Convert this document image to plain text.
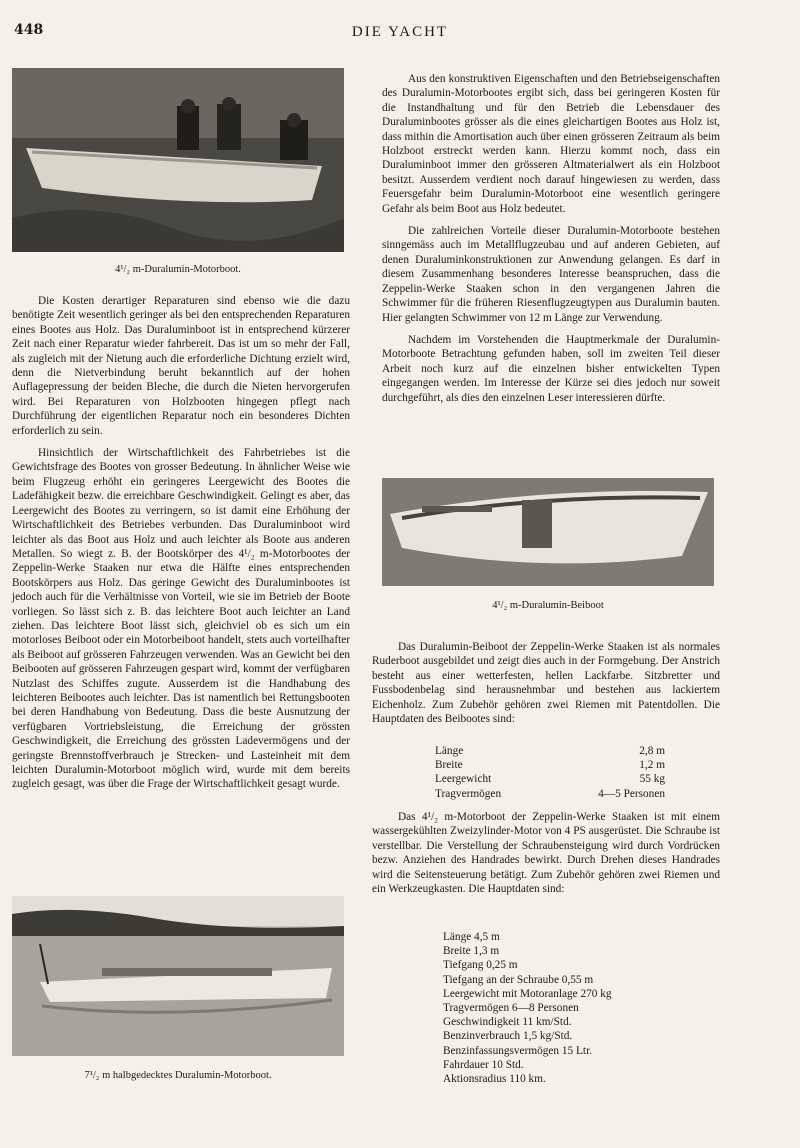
448	DIE YACHT
4¹/₂ m-Duralumin-Motorboot.

Die Kosten derartiger Reparaturen sind ebenso wie die dazu benötigte Zeit wesentlich geringer als bei den entsprechenden Reparaturen eines Bootes aus Holz. Das Duraluminboot ist in entsprechend kürzerer Zeit nach einer Reparatur wieder fahrbereit. Das ist um so mehr der Fall, als zugleich mit der Nietung auch die erforderliche Dichtung erzielt wird, denn die Nietverbindung beruht bekanntlich auf der hohen Auflagepressung der beiden Bleche, die durch die Nieten hervorgerufen wird. Bei Reparaturen von Holzbooten hingegen pflegt nach Durchführung der eigentlichen Reparatur noch ein besonderes Dichten erforderlich zu sein.

Hinsichtlich der Wirtschaftlichkeit des Fahrbetriebes ist die Gewichtsfrage des Bootes von grosser Bedeutung. In ähnlicher Weise wie beim Flugzeug erhöht ein geringeres Leergewicht des Bootes die Ladefähigkeit bezw. die erreichbare Geschwindigkeit. Gelingt es aber, das Leergewicht des Bootes zu verringern, so ist damit eine Erhöhung der Wirtschaftlichkeit des Betriebes verbunden. Das Duraluminboot wird leichter als das Boot aus Holz und auch leichter als Boote aus anderen Metallen. So wiegt z. B. der Bootskörper des 4¹/₂ m-Motorbootes der Zeppelin-Werke Staaken nur etwa die Hälfte eines entsprechenden Bootskörpers aus Holz. Das geringe Gewicht des Duraluminbootes ist jedoch auch für die Verhältnisse von Vorteil, wie sie im Betrieb der Boote vorliegen. So lässt sich z. B. das leichtere Boot auch leichter an Land ziehen. Das leichtere Boot lässt sich, gleichviel ob es sich um ein motorloses Beiboot oder ein Motorbeiboot handelt, stets auch vorteilhafter als Beiboot auf grösseren Fahrzeugen verwenden. Was an Gewicht bei den Beibooten auf grösseren Fahrzeugen gespart wird, kommt der verfügbaren Nutzlast des Schiffes zugute. Ausserdem ist die Handhabung des leichteren Beibootes auch leichter. Das ist namentlich bei Rettungsbooten bei deren Handhabung von Bedeutung. Dass die beste Ausnutzung der verfügbaren Vortriebsleistung, die Erreichung der grössten Geschwindigkeit, die Erreichung des grössten Ladevermögens und der geringste Brennstoffverbrauch je Strecken- und Lasteinheit mit dem leichten Duralumin-Motorboot möglich wird, wurde mit dem bereits zugleich gesagt, was über die Frage der Wirtschaftlichkeit gesagt wurde.

7¹/₂ m halbgedecktes Duralumin-Motorboot.

Aus den konstruktiven Eigenschaften und den Betriebseigenschaften des Duralumin-Motorbootes ergibt sich, dass bei geringeren Kosten für die Instandhaltung und für den Betrieb die Lebensdauer des Duraluminbootes grösser als die eines gleichartigen Bootes aus Holz ist, dass mithin die Amortisation auch über einen grösseren Zeitraum als beim Holzboot erstreckt werden kann. Hierzu kommt noch, dass ein Duraluminboot immer den grösseren Altmaterialwert als ein Holzboot besitzt. Ausserdem verdient noch darauf hingewiesen zu werden, dass Feuersgefahr beim Duralumin-Motorboot eine wesentlich geringere Gefahr als beim Boot aus Holz bedeutet.

Die zahlreichen Vorteile dieser Duralumin-Motorboote bestehen sinngemäss auch im Metallflugzeubau und auf anderen Gebieten, auf denen Duraluminkonstruktionen zur Anwendung gelangen. Es darf in diesem Zusammenhang besonderes Interesse beanspruchen, dass die Zeppelin-Werke Staaken schon in den vergangenen Jahren die Schwimmer für die früheren Riesenflugzeugtypen aus Duralumin bauten. Hier gelangten Schwimmer von 12 m Länge zur Verwendung.

Nachdem im Vorstehenden die Hauptmerkmale der Duralumin-Motorboote Betrachtung gefunden haben, soll im zweiten Teil dieser Arbeit noch kurz auf die einzelnen bisher entwickelten Typen eingegangen werden. Im Interesse der Kürze sei dies jedoch nur soweit durchgeführt, als dies den einzelnen Leser interessieren dürfte.

4¹/₂ m-Duralumin-Beiboot

Das Duralumin-Beiboot der Zeppelin-Werke Staaken ist als normales Ruderboot ausgebildet und zeigt dies auch in der Formgebung. Der Anstrich besteht aus einer wetterfesten, hellen Lackfarbe. Sitzbretter und Fussbodenbelag sind herausnehmbar und bestehen aus lackiertem Eichenholz. Zum Zubehör gehören zwei Riemen mit Patentdollen. Die Hauptdaten des Beibootes sind:

Länge	2,8 m
Breite	1,2 m
Leergewicht	55 kg
Tragvermögen	4—5 Personen

Das 4¹/₂ m-Motorboot der Zeppelin-Werke Staaken ist mit einem wassergekühlten Zweizylinder-Motor von 4 PS ausgerüstet. Die Schraube ist verstellbar. Die Verstellung der Schraubensteigung wird durch Vordrücken bezw. Anziehen des Handrades bewirkt. Durch Drehen dieses Handrades wird die Seitensteuerung betätigt. Zum Zubehör gehören zwei Riemen und ein Werkzeugkasten. Die Hauptdaten sind:

Länge 4,5 m
Breite 1,3 m
Tiefgang 0,25 m
Tiefgang an der Schraube 0,55 m
Leergewicht mit Motoranlage 270 kg
Tragvermögen 6—8 Personen
Geschwindigkeit 11 km/Std.
Benzinverbrauch 1,5 kg/Std.
Benzinfassungsvermögen 15 Ltr.
Fahrdauer 10 Std.
Aktionsradius 110 km.
